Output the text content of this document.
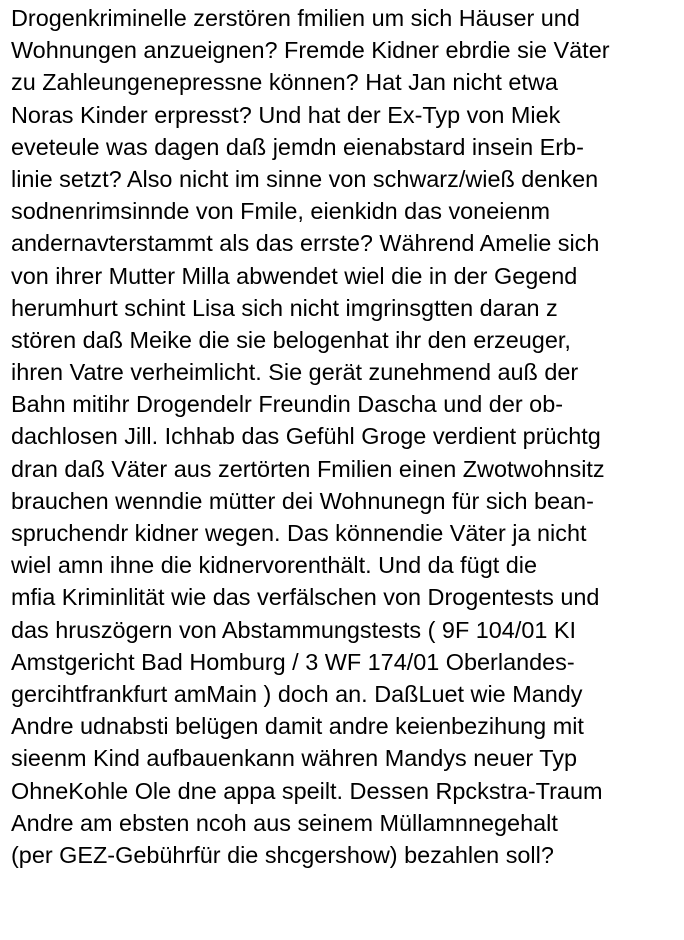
Drogenkriminelle zerstören fmilien um sich Häuser und
Wohnungen anzueignen? Fremde Kidner ebrdie sie Väter
zu Zahleungenepressne können? Hat Jan nicht etwa
Noras Kinder erpresst? Und hat der Ex-Typ von Miek
eveteule was dagen daß jemdn eienabstard insein Erb-
linie setzt? Also nicht im sinne von schwarz/wieß denken
sodnenrimsinnde von Fmile, eienkidn das voneienm
andernavterstammt als das errste? Während Amelie sich
von ihrer Mutter Milla abwendet wiel die in der Gegend
herumhurt schint Lisa sich nicht imgrinsgtten daran z
stören daß Meike die sie belogenhat ihr den erzeuger,
ihren Vatre verheimlicht. Sie gerät zunehmend auß der
Bahn mitihr Drogendelr Freundin Dascha und der ob-
dachlosen Jill. Ichhab das Gefühl Groge verdient prüchtg
dran daß Väter aus zertörten Fmilien einen Zwotwohnsitz
brauchen wenndie mütter dei Wohnunegn für sich bean-
spruchendr kidner wegen. Das könnendie Väter ja nicht
wiel amn ihne die kidnervorenthält. Und da fügt die
mfia Kriminlität wie das verfälschen von Drogentests und
das hruszögern von Abstammungstests ( 9F 104/01 KI
Amstgericht Bad Homburg / 3 WF 174/01 Oberlandes-
gercihtfrankfurt amMain ) doch an. DaßLuet wie Mandy
Andre udnabsti belügen damit andre keienbezihung mit
sieenm Kind aufbauenkann währen Mandys neuer Typ
OhneKohle Ole dne appa speilt. Dessen Rpckstra-Traum
Andre am ebsten ncoh aus seinem Müllamnnegehalt
(per GEZ-Gebührfür die shcgershow) bezahlen soll?
